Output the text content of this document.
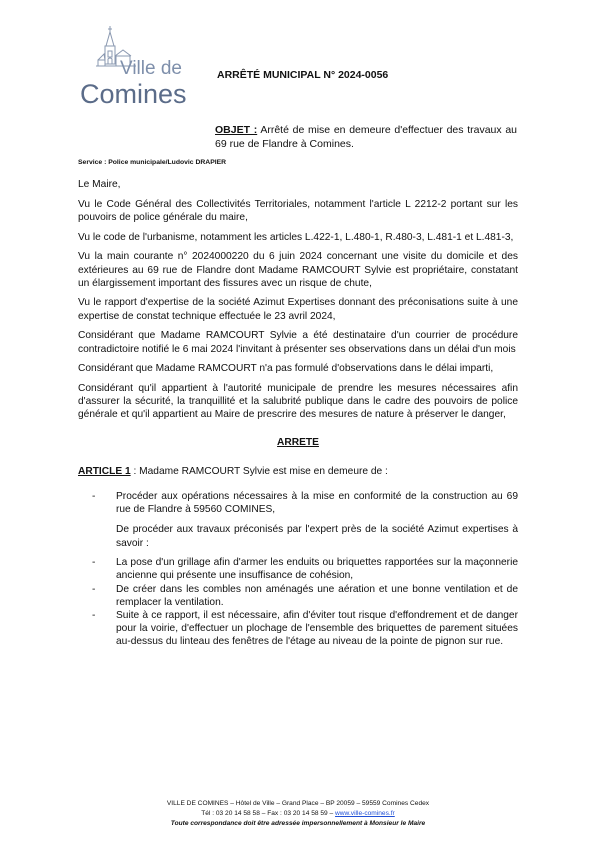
Ville de
Comines
ARRÊTÉ MUNICIPAL N° 2024-0056
OBJET : Arrêté de mise en demeure d'effectuer des travaux au 69 rue de Flandre à Comines.
Service : Police municipale/Ludovic DRAPIER

Le Maire,

Vu le Code Général des Collectivités Territoriales, notamment l'article L 2212-2 portant sur les pouvoirs de police générale du maire,

Vu le code de l'urbanisme, notamment les articles L.422-1, L.480-1, R.480-3, L.481-1 et L.481-3,

Vu la main courante n° 2024000220 du 6 juin 2024 concernant une visite du domicile et des extérieures au 69 rue de Flandre dont Madame RAMCOURT Sylvie est propriétaire, constatant un élargissement important des fissures avec un risque de chute,

Vu le rapport d'expertise de la société Azimut Expertises donnant des préconisations suite à une expertise de constat technique effectuée le 23 avril 2024,

Considérant que Madame RAMCOURT Sylvie a été destinataire d'un courrier de procédure contradictoire notifié le 6 mai 2024 l'invitant à présenter ses observations dans un délai d'un mois

Considérant que Madame RAMCOURT n'a pas formulé d'observations dans le délai imparti,

Considérant qu'il appartient à l'autorité municipale de prendre les mesures nécessaires afin d'assurer la sécurité, la tranquillité et la salubrité publique dans le cadre des pouvoirs de police générale et qu'il appartient au Maire de prescrire des mesures de nature à préserver le danger,

ARRETE

ARTICLE 1 : Madame RAMCOURT Sylvie est mise en demeure de :

- Procéder aux opérations nécessaires à la mise en conformité de la construction au 69 rue de Flandre à 59560 COMINES,

De procéder aux travaux préconisés par l'expert près de la société Azimut expertises à savoir :

- La pose d'un grillage afin d'armer les enduits ou briquettes rapportées sur la maçonnerie ancienne qui présente une insuffisance de cohésion,
- De créer dans les combles non aménagés une aération et une bonne ventilation et de remplacer la ventilation.
- Suite à ce rapport, il est nécessaire, afin d'éviter tout risque d'effondrement et de danger pour la voirie, d'effectuer un plochage de l'ensemble des briquettes de parement situées au-dessus du linteau des fenêtres de l'étage au niveau de la pointe de pignon sur rue.
VILLE DE COMINES – Hôtel de Ville – Grand Place – BP 20059 – 59559 Comines Cedex
Tél : 03 20 14 58 58 – Fax : 03 20 14 58 59 – www.ville-comines.fr
Toute correspondance doit être adressée impersonnellement à Monsieur le Maire
